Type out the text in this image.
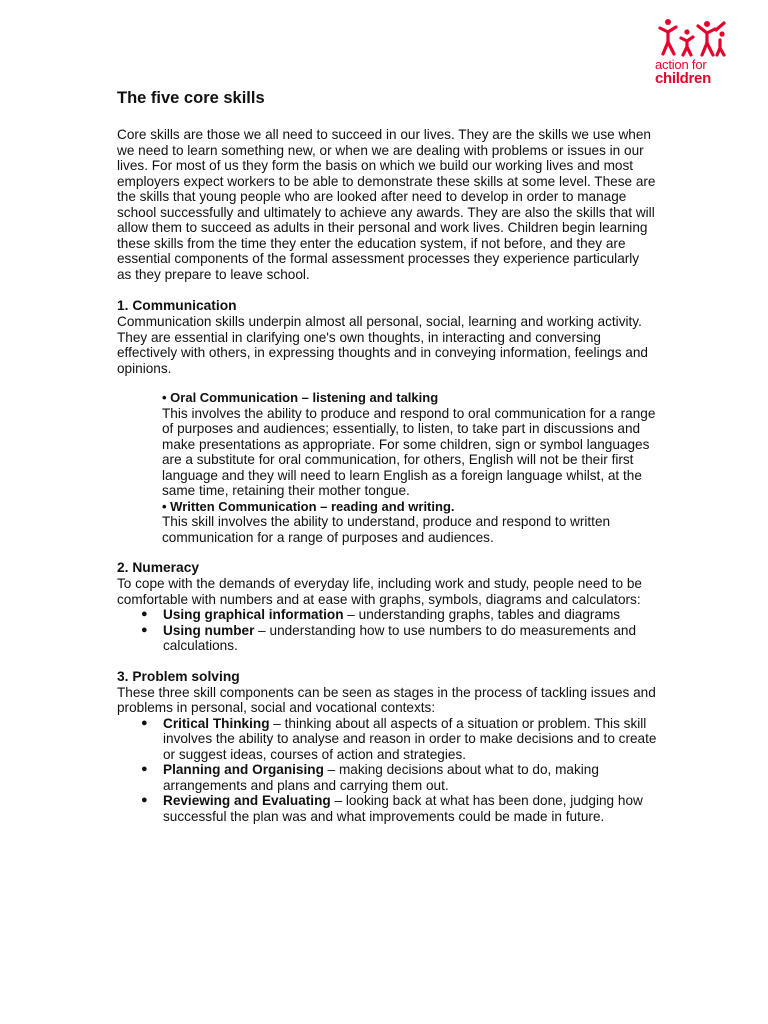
action for
children
The five core skills

Core skills are those we all need to succeed in our lives. They are the skills we use when we need to learn something new, or when we are dealing with problems or issues in our lives. For most of us they form the basis on which we build our working lives and most employers expect workers to be able to demonstrate these skills at some level. These are the skills that young people who are looked after need to develop in order to manage school successfully and ultimately to achieve any awards. They are also the skills that will allow them to succeed as adults in their personal and work lives. Children begin learning these skills from the time they enter the education system, if not before, and they are essential components of the formal assessment processes they experience particularly as they prepare to leave school.

1. Communication

Communication skills underpin almost all personal, social, learning and working activity. They are essential in clarifying one's own thoughts, in interacting and conversing effectively with others, in expressing thoughts and in conveying information, feelings and opinions.

• Oral Communication – listening and talking

This involves the ability to produce and respond to oral communication for a range of purposes and audiences; essentially, to listen, to take part in discussions and make presentations as appropriate. For some children, sign or symbol languages are a substitute for oral communication, for others, English will not be their first language and they will need to learn English as a foreign language whilst, at the same time, retaining their mother tongue.

• Written Communication – reading and writing.

This skill involves the ability to understand, produce and respond to written communication for a range of purposes and audiences.

2. Numeracy

To cope with the demands of everyday life, including work and study, people need to be comfortable with numbers and at ease with graphs, symbols, diagrams and calculators:

● Using graphical information – understanding graphs, tables and diagrams
● Using number – understanding how to use numbers to do measurements and calculations.
3. Problem solving

These three skill components can be seen as stages in the process of tackling issues and problems in personal, social and vocational contexts:

● Critical Thinking – thinking about all aspects of a situation or problem. This skill involves the ability to analyse and reason in order to make decisions and to create or suggest ideas, courses of action and strategies.
● Planning and Organising – making decisions about what to do, making arrangements and plans and carrying them out.
● Reviewing and Evaluating – looking back at what has been done, judging how successful the plan was and what improvements could be made in future.
